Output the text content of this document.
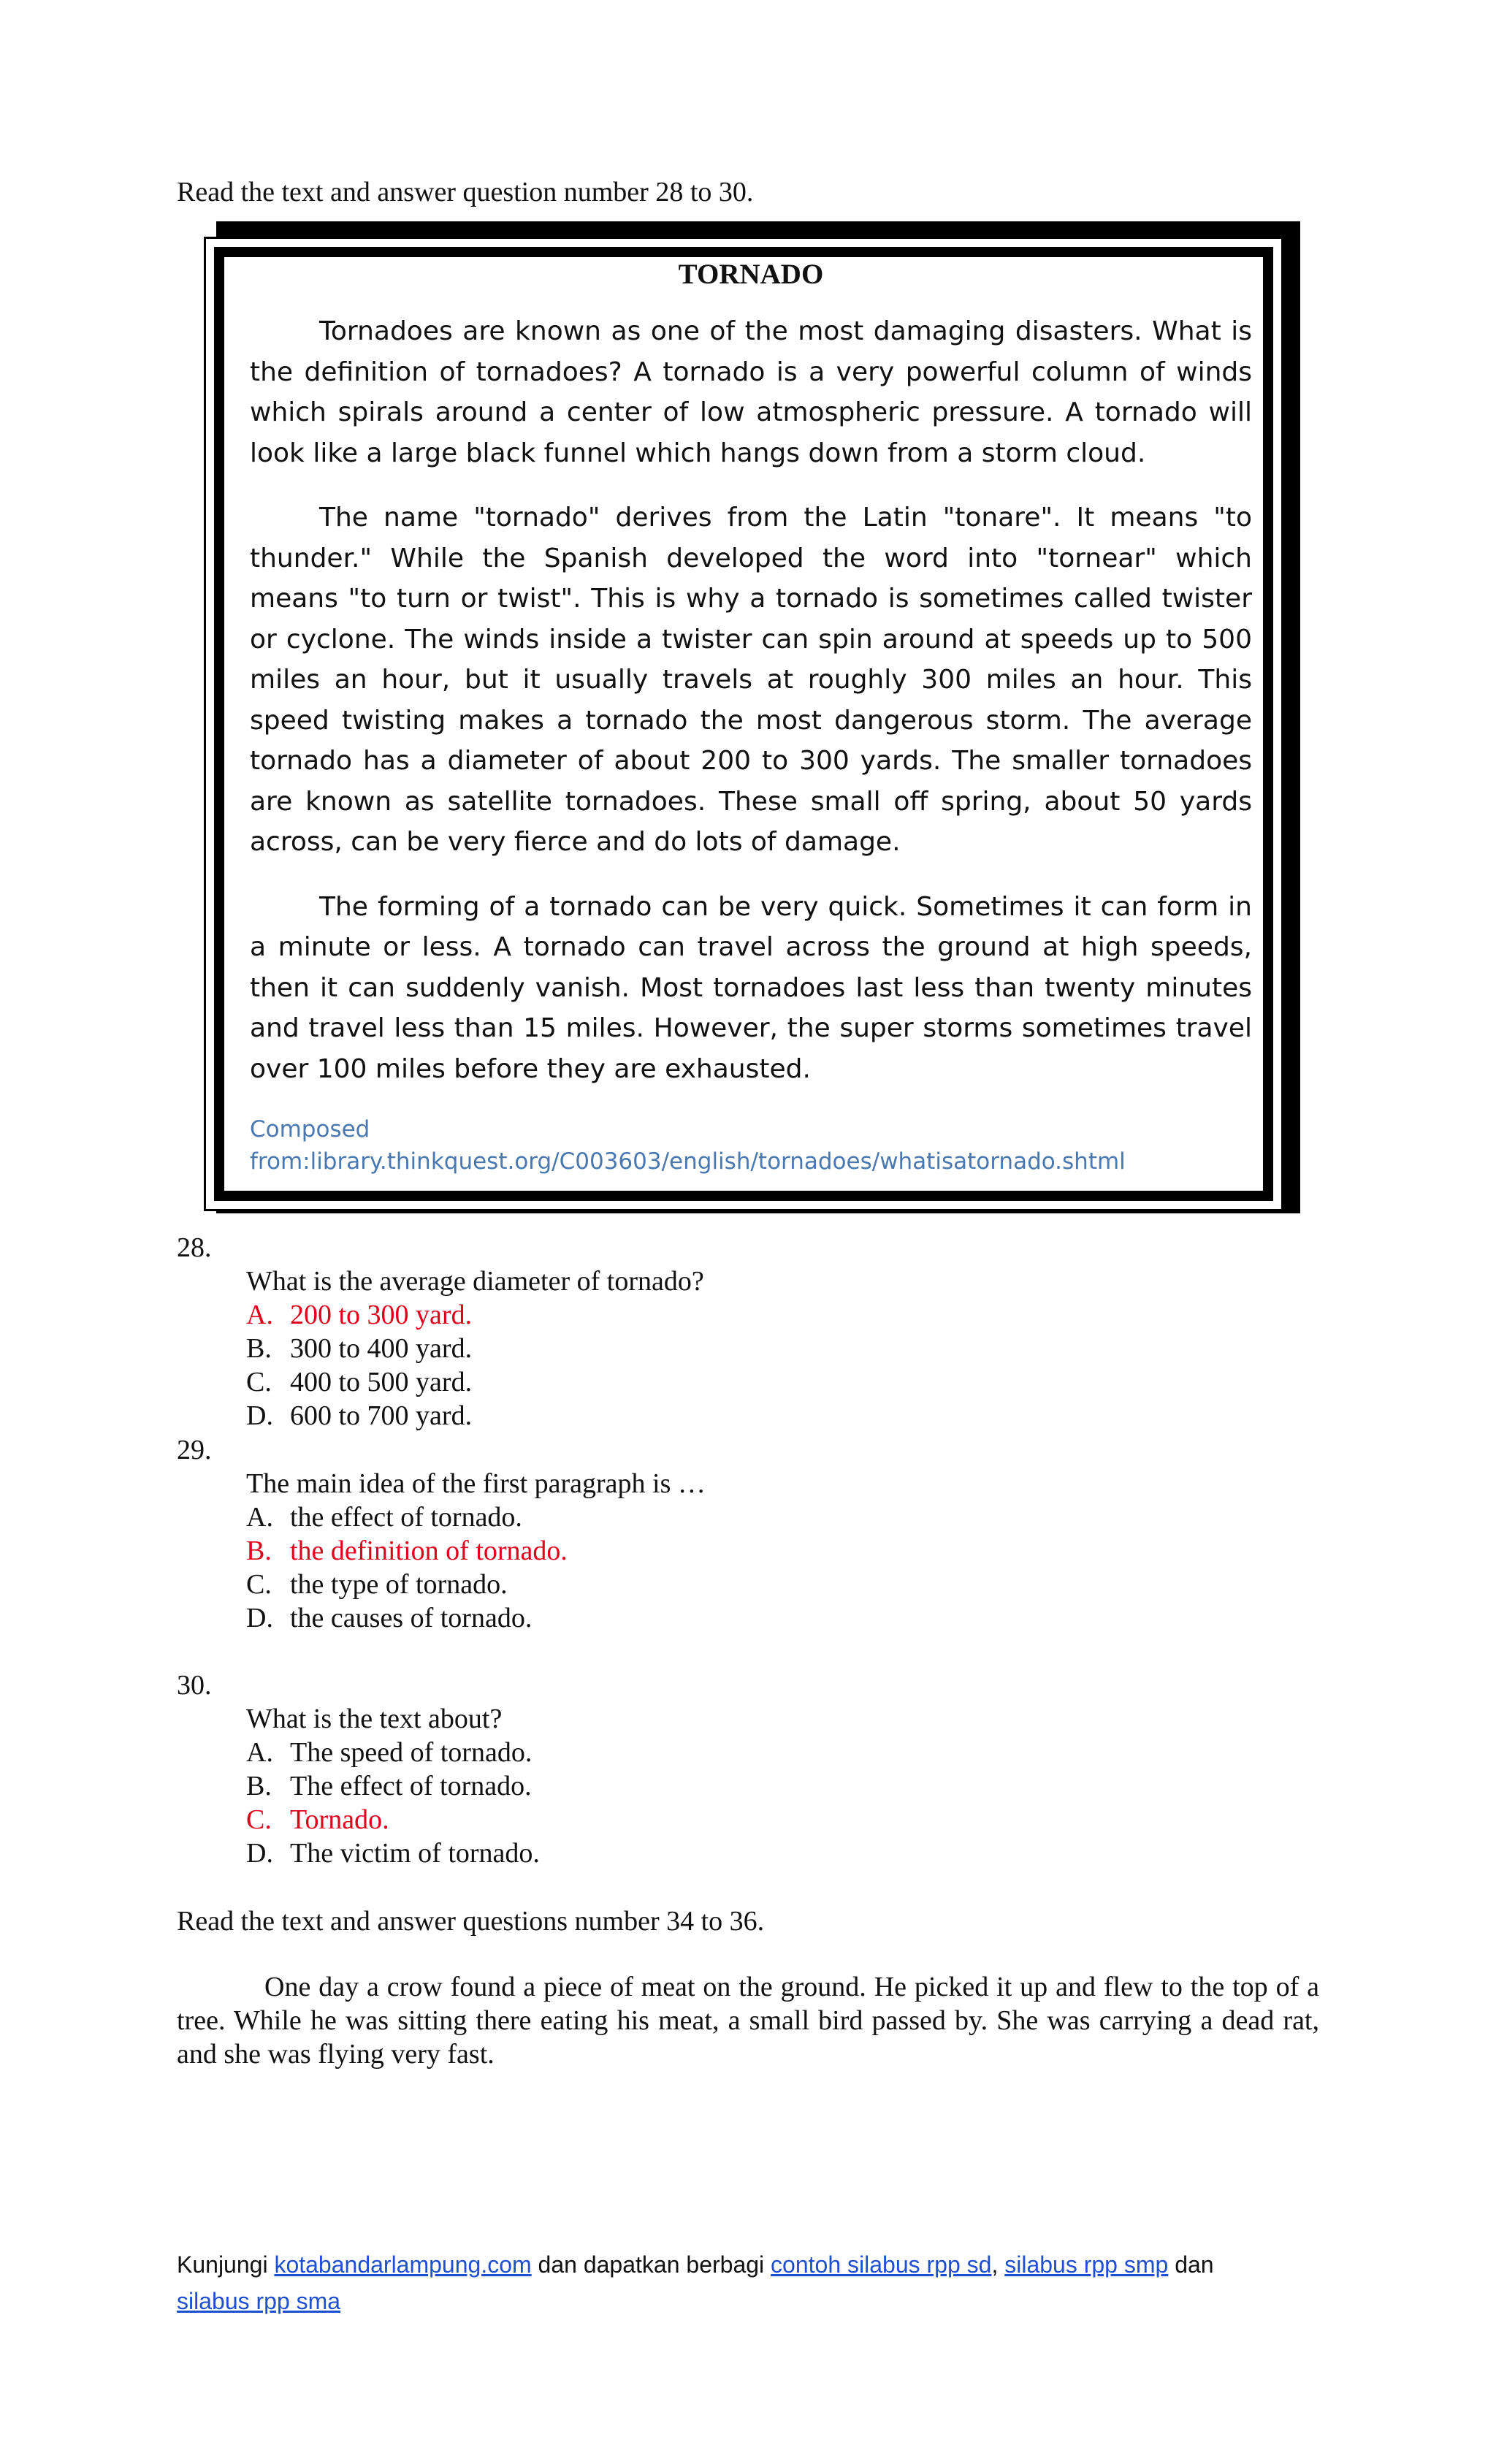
Read the text and answer question number 28 to 30.
TORNADO

Tornadoes are known as one of the most damaging disasters. What is the definition of tornadoes? A tornado is a very powerful column of winds which spirals around a center of low atmospheric pressure. A tornado will look like a large black funnel which hangs down from a storm cloud.

The name "tornado" derives from the Latin "tonare". It means "to thunder." While the Spanish developed the word into "tornear" which means "to turn or twist". This is why a tornado is sometimes called twister or cyclone. The winds inside a twister can spin around at speeds up to 500 miles an hour, but it usually travels at roughly 300 miles an hour. This speed twisting makes a tornado the most dangerous storm. The average tornado has a diameter of about 200 to 300 yards. The smaller tornadoes are known as satellite tornadoes. These small off spring, about 50 yards across, can be very fierce and do lots of damage.

The forming of a tornado can be very quick. Sometimes it can form in a minute or less. A tornado can travel across the ground at high speeds, then it can suddenly vanish. Most tornadoes last less than twenty minutes and travel less than 15 miles. However, the super storms sometimes travel over 100 miles before they are exhausted.

Composed from:library.thinkquest.org/C003603/english/tornadoes/whatisatornado.shtml
28.
What is the average diameter of tornado?
A. 200 to 300 yard.
B. 300 to 400 yard.
C. 400 to 500 yard.
D. 600 to 700 yard.
29.
The main idea of the first paragraph is …
A. the effect of tornado.
B. the definition of tornado.
C. the type of tornado.
D. the causes of tornado.
30.
What is the text about?
A. The speed of tornado.
B. The effect of tornado.
C. Tornado.
D. The victim of tornado.
Read the text and answer questions number 34 to 36.

One day a crow found a piece of meat on the ground. He picked it up and flew to the top of a tree. While he was sitting there eating his meat, a small bird passed by. She was carrying a dead rat, and she was flying very fast.

Kunjungi kotabandarlampung.com dan dapatkan berbagi contoh silabus rpp sd, silabus rpp smp dan
silabus rpp sma
